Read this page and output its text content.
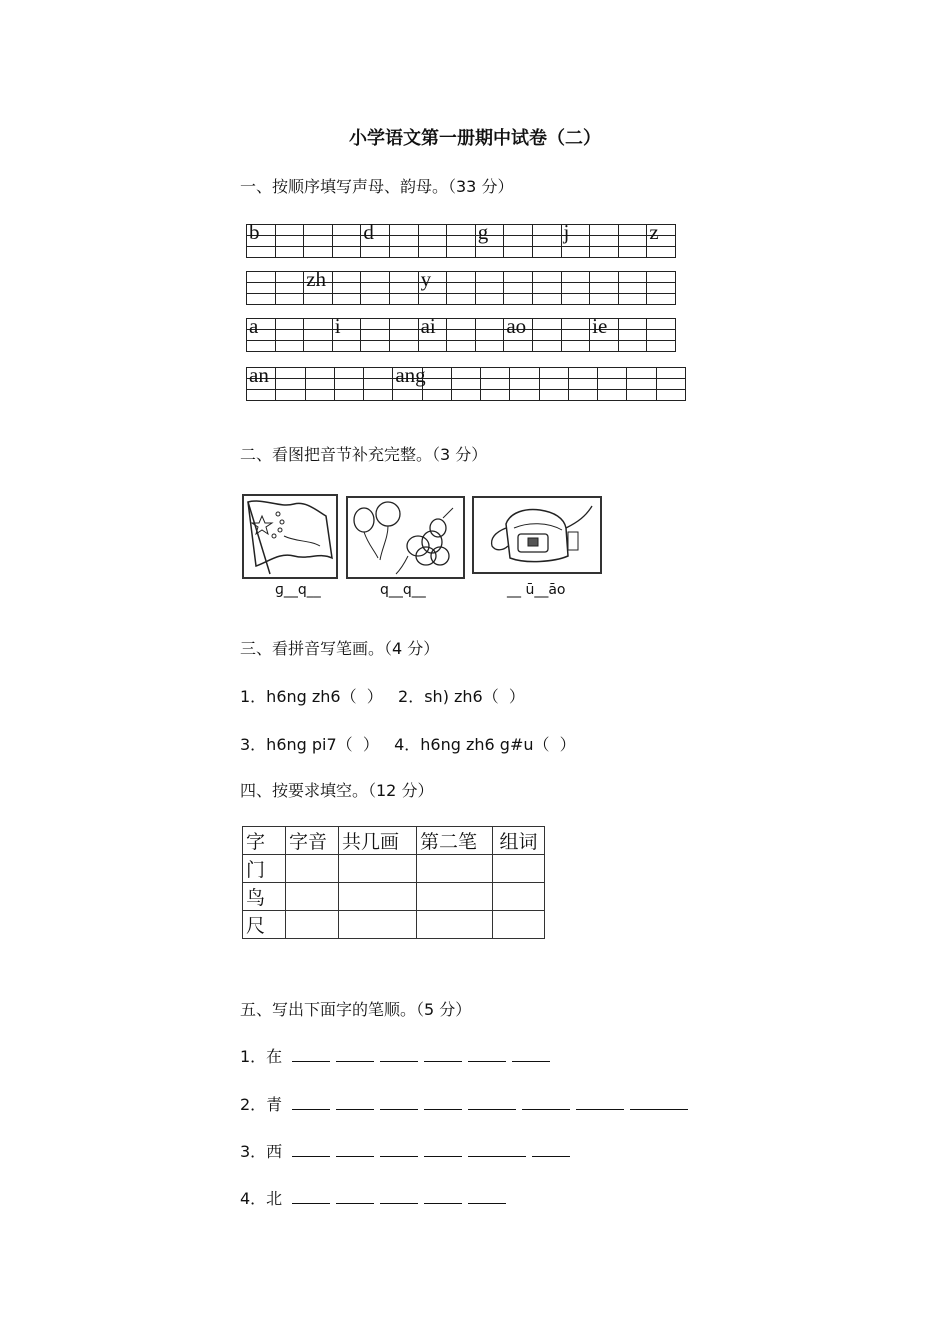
小学语文第一册期中试卷（二）
一、按顺序填写声母、韵母。（33 分）

b				d				g			j			z

		zh				y								

a			i			ai			ao			ie		

an					ang									

二、看图把音节补充完整。（3 分）
ɡ__q__	q__q__	__ ū__āo
三、看拼音写笔画。（4 分）
1．h6ng zh6（  ）   2．sh) zh6（  ）
3．h6ng pi7（  ）   4．h6ng zh6 g#u（  ）
四、按要求填空。（12 分）
字	字音	共几画	第二笔	组词
门				
鸟				
尺				
五、写出下面字的笔顺。（5 分）
1．在
2．青
3．西
4．北
